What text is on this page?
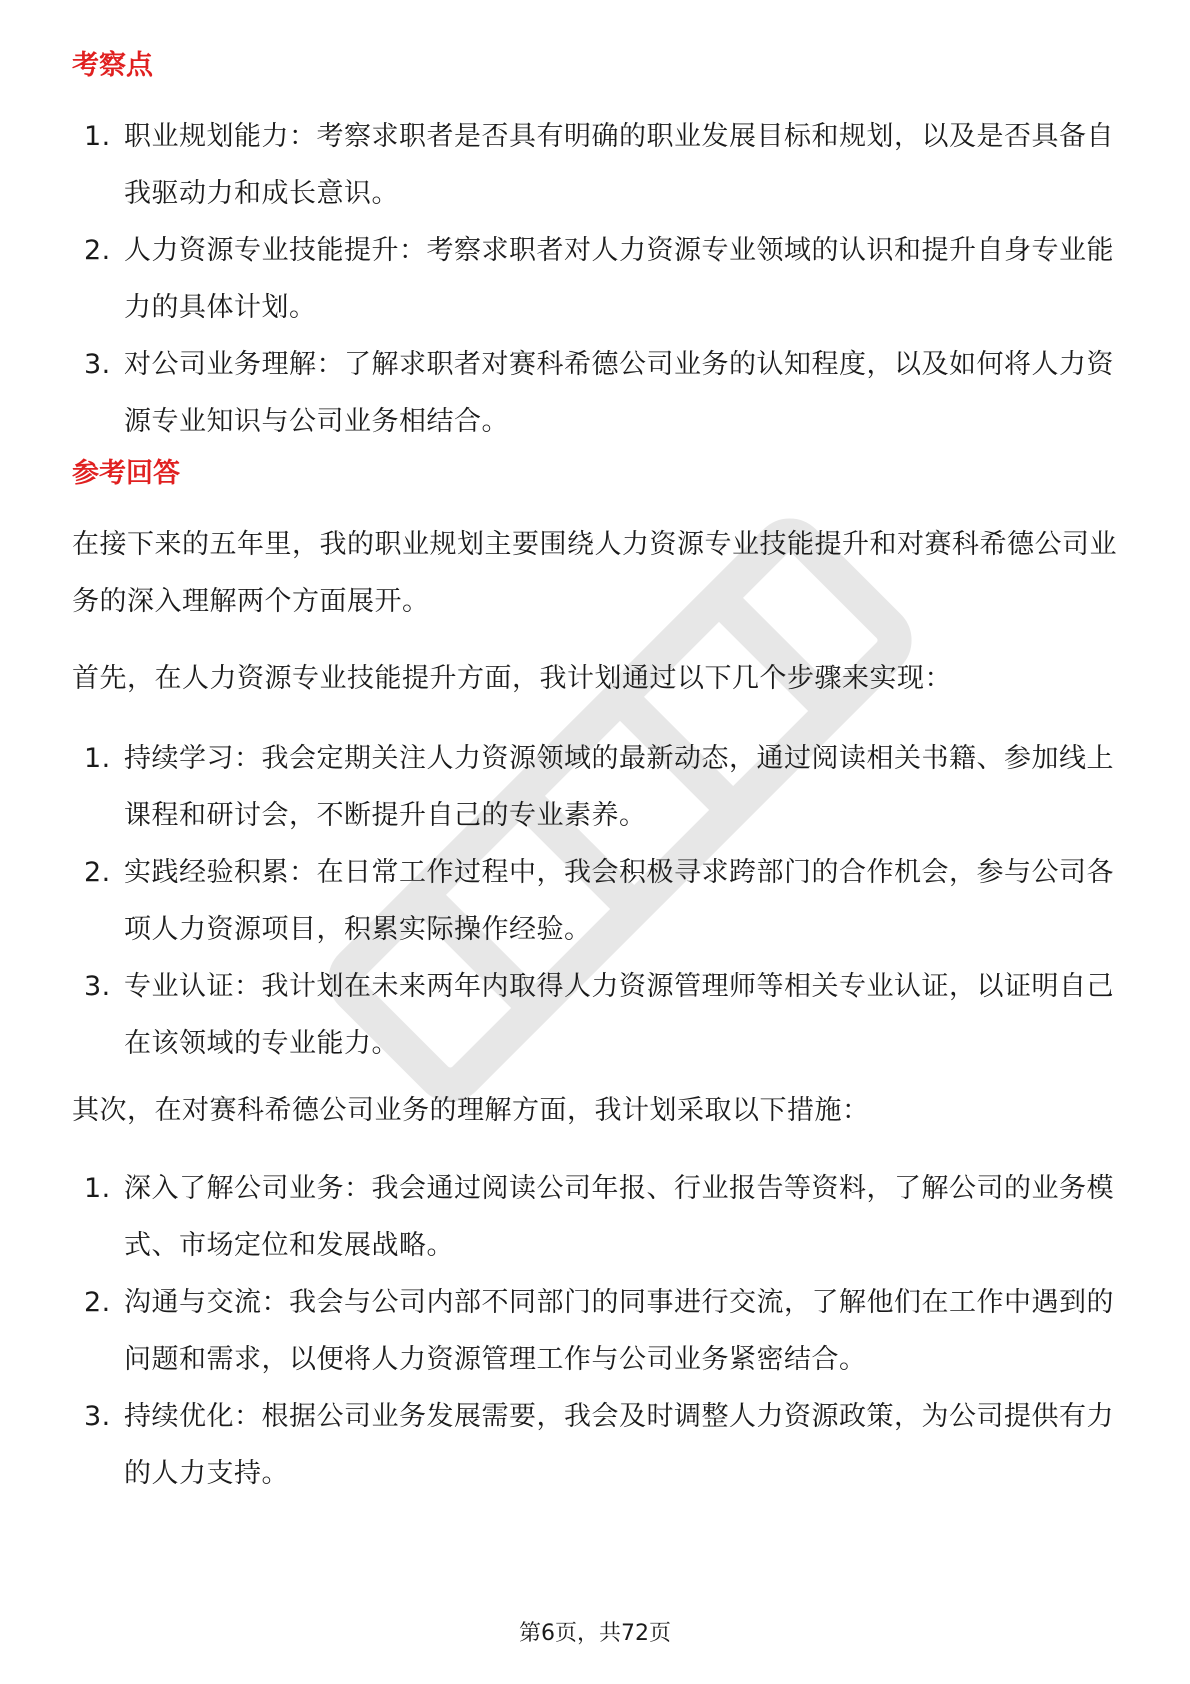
考察点
1. 职业规划能力：考察求职者是否具有明确的职业发展目标和规划，以及是否具备自我驱动力和成长意识。
2. 人力资源专业技能提升：考察求职者对人力资源专业领域的认识和提升自身专业能力的具体计划。
3. 对公司业务理解：了解求职者对赛科希德公司业务的认知程度，以及如何将人力资源专业知识与公司业务相结合。
参考回答
在接下来的五年里，我的职业规划主要围绕人力资源专业技能提升和对赛科希德公司业务的深入理解两个方面展开。
首先，在人力资源专业技能提升方面，我计划通过以下几个步骤来实现：
1. 持续学习：我会定期关注人力资源领域的最新动态，通过阅读相关书籍、参加线上课程和研讨会，不断提升自己的专业素养。
2. 实践经验积累：在日常工作过程中，我会积极寻求跨部门的合作机会，参与公司各项人力资源项目，积累实际操作经验。
3. 专业认证：我计划在未来两年内取得人力资源管理师等相关专业认证，以证明自己在该领域的专业能力。
其次，在对赛科希德公司业务的理解方面，我计划采取以下措施：
1. 深入了解公司业务：我会通过阅读公司年报、行业报告等资料，了解公司的业务模式、市场定位和发展战略。
2. 沟通与交流：我会与公司内部不同部门的同事进行交流，了解他们在工作中遇到的问题和需求，以便将人力资源管理工作与公司业务紧密结合。
3. 持续优化：根据公司业务发展需要，我会及时调整人力资源政策，为公司提供有力的人力支持。
第6页，共72页
